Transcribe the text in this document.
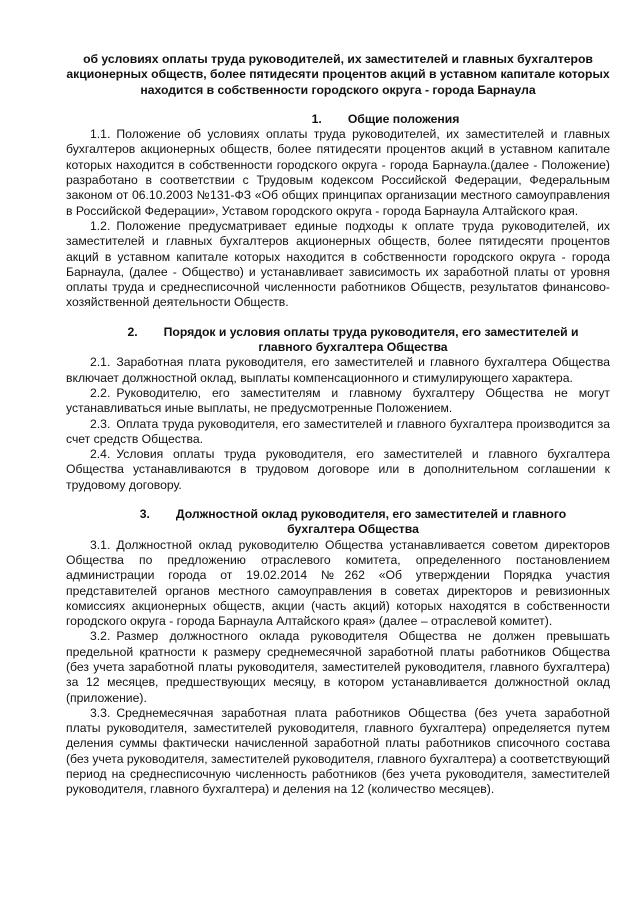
об условиях оплаты труда руководителей, их заместителей и главных бухгалтеров акционерных обществ, более пятидесяти процентов акций в уставном капитале которых находится в собственности городского округа - города Барнаула
1. Общие положения

1.1. Положение об условиях оплаты труда руководителей, их заместителей и главных бухгалтеров акционерных обществ, более пятидесяти процентов акций в уставном капитале которых находится в собственности городского округа - города Барнаула.(далее - Положение) разработано в соответствии с Трудовым кодексом Российской Федерации, Федеральным законом от 06.10.2003 №131-ФЗ «Об общих принципах организации местного самоуправления в Российской Федерации», Уставом городского округа - города Барнаула Алтайского края.

1.2. Положение предусматривает единые подходы к оплате труда руководителей, их заместителей и главных бухгалтеров акционерных обществ, более пятидесяти процентов акций в уставном капитале которых находится в собственности городского округа - города Барнаула, (далее - Общество) и устанавливает зависимость их заработной платы от уровня оплаты труда и среднесписочной численности работников Обществ, результатов финансово-хозяйственной деятельности Обществ.

2. Порядок и условия оплаты труда руководителя, его заместителей и главного бухгалтера Общества

2.1. Заработная плата руководителя, его заместителей и главного бухгалтера Общества включает должностной оклад, выплаты компенсационного и стимулирующего характера.

2.2. Руководителю, его заместителям и главному бухгалтеру Общества не могут устанавливаться иные выплаты, не предусмотренные Положением.

2.3. Оплата труда руководителя, его заместителей и главного бухгалтера производится за счет средств Общества.

2.4. Условия оплаты труда руководителя, его заместителей и главного бухгалтера Общества устанавливаются в трудовом договоре или в дополнительном соглашении к трудовому договору.

3. Должностной оклад руководителя, его заместителей и главного бухгалтера Общества

3.1. Должностной оклад руководителю Общества устанавливается советом директоров Общества по предложению отраслевого комитета, определенного постановлением администрации города от 19.02.2014 №262 «Об утверждении Порядка участия представителей органов местного самоуправления в советах директоров и ревизионных комиссиях акционерных обществ, акции (часть акций) которых находятся в собственности городского округа - города Барнаула Алтайского края» (далее – отраслевой комитет).

3.2. Размер должностного оклада руководителя Общества не должен превышать предельной кратности к размеру среднемесячной заработной платы работников Общества (без учета заработной платы руководителя, заместителей руководителя, главного бухгалтера) за 12 месяцев, предшествующих месяцу, в котором устанавливается должностной оклад (приложение).

3.3. Среднемесячная заработная плата работников Общества (без учета заработной платы руководителя, заместителей руководителя, главного бухгалтера) определяется путем деления суммы фактически начисленной заработной платы работников списочного состава (без учета руководителя, заместителей руководителя, главного бухгалтера) а соответствующий период на среднесписочную численность работников (без учета руководителя, заместителей руководителя, главного бухгалтера) и деления на 12 (количество месяцев).
